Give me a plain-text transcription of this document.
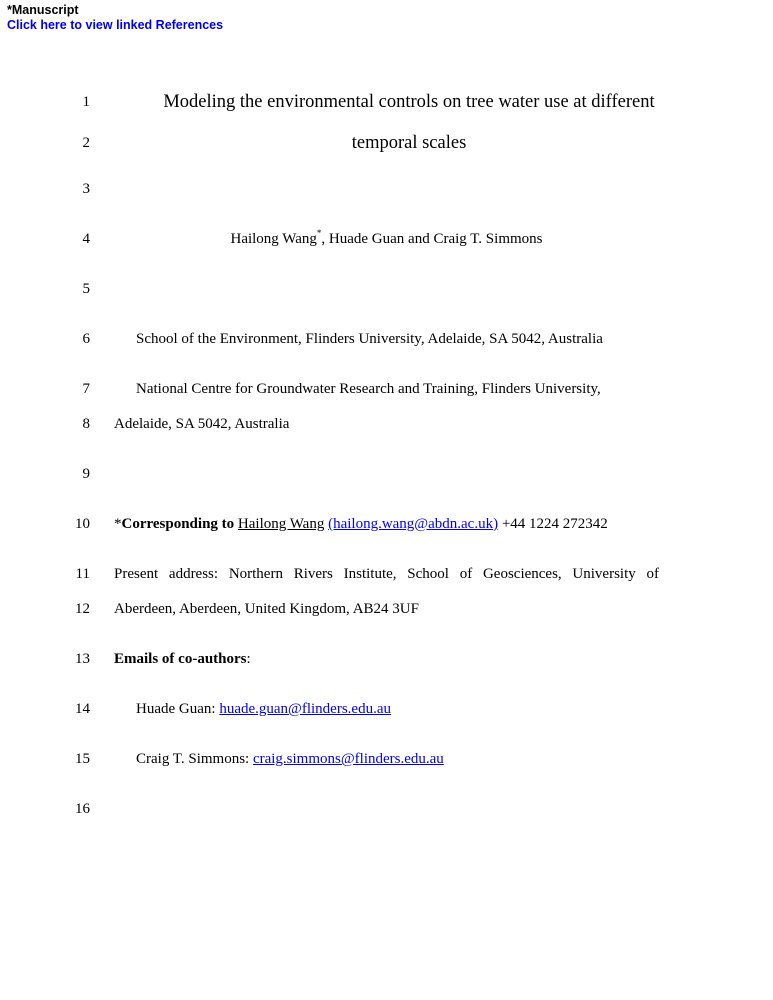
*Manuscript
Click here to view linked References
1
2
3
4
5
6
7
8
9
10
11
12
13
14
15
16
Modeling the environmental controls on tree water use at different
temporal scales
Hailong Wang*, Huade Guan and Craig T. Simmons
School of the Environment, Flinders University, Adelaide, SA 5042, Australia
National Centre for Groundwater Research and Training, Flinders University,
Adelaide, SA 5042, Australia
*Corresponding to Hailong Wang (hailong.wang@abdn.ac.uk) +44 1224 272342
Present address: Northern Rivers Institute, School of Geosciences, University of
Aberdeen, Aberdeen, United Kingdom, AB24 3UF
Emails of co-authors:
Huade Guan: huade.guan@flinders.edu.au
Craig T. Simmons: craig.simmons@flinders.edu.au
